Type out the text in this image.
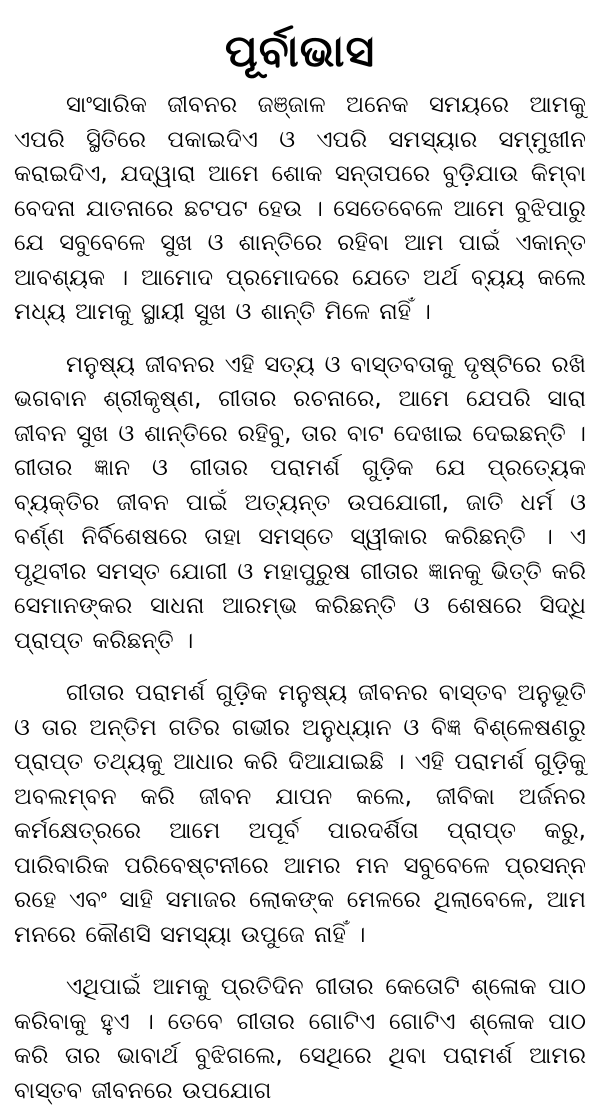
ପୂର୍ବାଭାସ

ସାଂସାରିକ ଜୀବନର ଜଞ୍ଜାଳ ଅନେକ ସମୟରେ ଆମକୁ ଏପରି ସ୍ଥିତିରେ ପକାଇଦିଏ ଓ ଏପରି ସମସ୍ୟାର ସମ୍ମୁଖୀନ କରାଇଦିଏ, ଯଦ୍ୱାରା ଆମେ ଶୋକ ସନ୍ତାପରେ ବୁଡ଼ିଯାଉ କିମ୍ବା ବେଦନା ଯାତନାରେ ଛଟପଟ ହେଉ । ସେତେବେଳେ ଆମେ ବୁଝିପାରୁ ଯେ ସବୁବେଳେ ସୁଖ ଓ ଶାନ୍ତିରେ ରହିବା ଆମ ପାଇଁ ଏକାନ୍ତ ଆବଶ୍ୟକ । ଆମୋଦ ପ୍ରମୋଦରେ ଯେତେ ଅର୍ଥ ବ୍ୟୟ କଲେ ମଧ୍ୟ ଆମକୁ ସ୍ଥାୟୀ ସୁଖ ଓ ଶାନ୍ତି ମିଳେ ନାହିଁ ।

ମନୁଷ୍ୟ ଜୀବନର ଏହି ସତ୍ୟ ଓ ବାସ୍ତବତାକୁ ଦୃଷ୍ଟିରେ ରଖି ଭଗବାନ ଶ୍ରୀକୃଷ୍ଣ, ଗୀତାର ରଚନାରେ, ଆମେ ଯେପରି ସାରା ଜୀବନ ସୁଖ ଓ ଶାନ୍ତିରେ ରହିବୁ, ତାର ବାଟ ଦେଖାଇ ଦେଇଛନ୍ତି । ଗୀତାର ଜ୍ଞାନ ଓ ଗୀତାର ପରାମର୍ଶ ଗୁଡ଼ିକ ଯେ ପ୍ରତ୍ୟେକ ବ୍ୟକ୍ତିର ଜୀବନ ପାଇଁ ଅତ୍ୟନ୍ତ ଉପଯୋଗୀ, ଜାତି ଧର୍ମ ଓ ବର୍ଣ୍ଣ ନିର୍ବିଶେଷରେ ତାହା ସମସ୍ତେ ସ୍ୱୀକାର କରିଛନ୍ତି । ଏ ପୃଥିବୀର ସମସ୍ତ ଯୋଗୀ ଓ ମହାପୁରୁଷ ଗୀତାର ଜ୍ଞାନକୁ ଭିତ୍ତି କରି ସେମାନଙ୍କର ସାଧନା ଆରମ୍ଭ କରିଛନ୍ତି ଓ ଶେଷରେ ସିଦ୍ଧି ପ୍ରାପ୍ତ କରିଛନ୍ତି ।

ଗୀତାର ପରାମର୍ଶ ଗୁଡ଼ିକ ମନୁଷ୍ୟ ଜୀବନର ବାସ୍ତବ ଅନୁଭୂତି ଓ ତାର ଅନ୍ତିମ ଗତିର ଗଭୀର ଅନୁଧ୍ୟାନ ଓ ବିଜ୍ଞ ବିଶ୍ଳେଷଣରୁ ପ୍ରାପ୍ତ ତଥ୍ୟକୁ ଆଧାର କରି ଦିଆଯାଇଛି । ଏହି ପରାମର୍ଶ ଗୁଡ଼ିକୁ ଅବଲମ୍ବନ କରି ଜୀବନ ଯାପନ କଲେ, ଜୀବିକା ଅର୍ଜନର କର୍ମକ୍ଷେତ୍ରରେ ଆମେ ଅପୂର୍ବ ପାରଦର୍ଶିତା ପ୍ରାପ୍ତ କରୁ, ପାରିବାରିକ ପରିବେଷ୍ଟନୀରେ ଆମର ମନ ସବୁବେଳେ ପ୍ରସନ୍ନ ରହେ ଏବଂ ସାହି ସମାଜର ଲୋକଙ୍କ ମେଳରେ ଥିଲାବେଳେ, ଆମ ମନରେ କୌଣସି ସମସ୍ୟା ଉପୁଜେ ନାହିଁ ।

ଏଥିପାଇଁ ଆମକୁ ପ୍ରତିଦିନ ଗୀତାର କେତୋଟି ଶ୍ଳୋକ ପାଠ କରିବାକୁ ହୁଏ । ତେବେ ଗୀତାର ଗୋଟିଏ ଗୋଟିଏ ଶ୍ଳୋକ ପାଠ କରି ତାର ଭାବାର୍ଥ ବୁଝିଗଲେ, ସେଥିରେ ଥିବା ପରାମର୍ଶ ଆମର ବାସ୍ତବ ଜୀବନରେ ଉପଯୋଗ
